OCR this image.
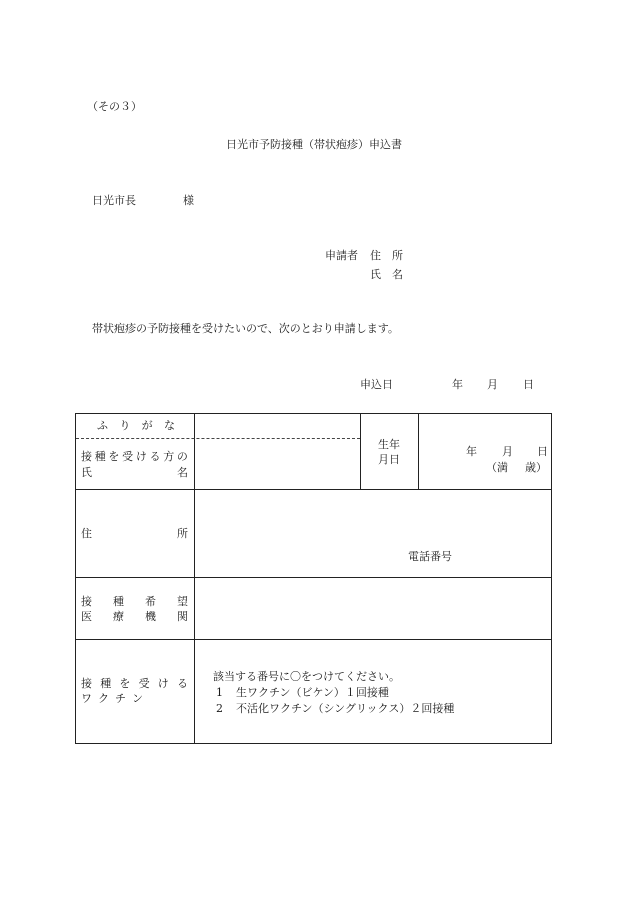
（その３）
日光市予防接種（帯状疱疹）申込書
日光市長	様
申請者 住　所
氏　名
帯状疱疹の予防接種を受けたいので、次のとおり申請します。
申込日	年 月 日
ふ り が な
接 種 を 受 け る 方 の
氏	名
生年
月日
年 月 日
（満 歳）
住	所
電話番号
接 種 希 望
医 療 機 関
接 種 を 受 け る
ワ ク チ ン
該当する番号に〇をつけてください。
1 生ワクチン（ビケン）１回接種
2 不活化ワクチン（シングリックス）２回接種
